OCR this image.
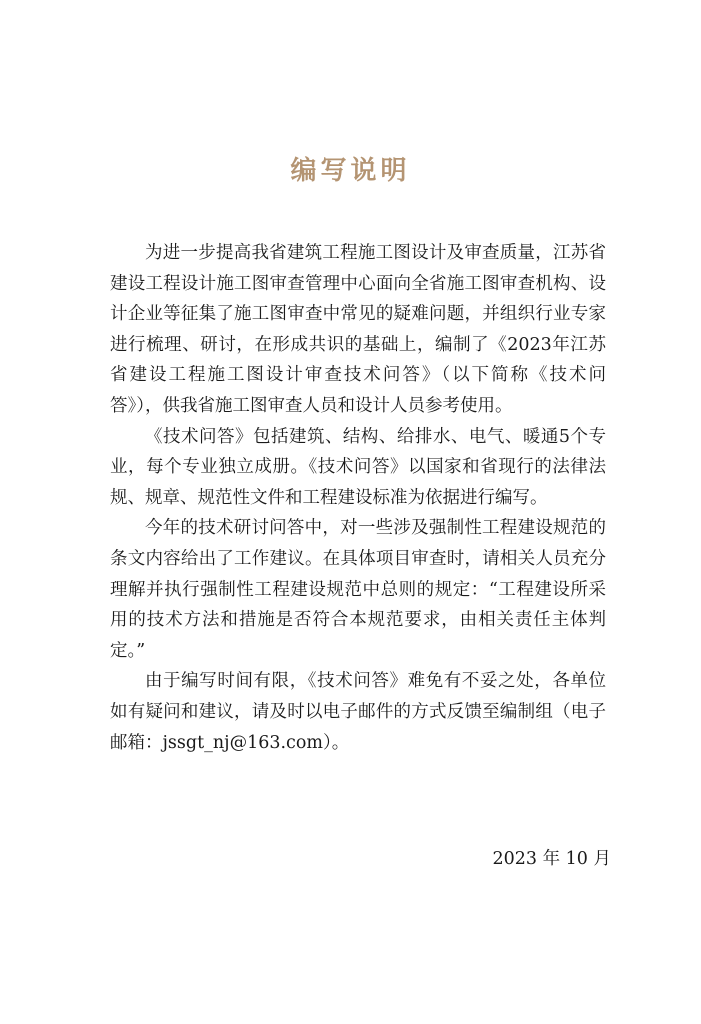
编写说明

为进一步提高我省建筑工程施工图设计及审查质量，江苏省建设工程设计施工图审查管理中心面向全省施工图审查机构、设计企业等征集了施工图审查中常见的疑难问题，并组织行业专家进行梳理、研讨，在形成共识的基础上，编制了《2023年江苏省建设工程施工图设计审查技术问答》（以下简称《技术问答》），供我省施工图审查人员和设计人员参考使用。

《技术问答》包括建筑、结构、给排水、电气、暖通5个专业，每个专业独立成册。《技术问答》以国家和省现行的法律法规、规章、规范性文件和工程建设标准为依据进行编写。

今年的技术研讨问答中，对一些涉及强制性工程建设规范的条文内容给出了工作建议。在具体项目审查时，请相关人员充分理解并执行强制性工程建设规范中总则的规定：“工程建设所采用的技术方法和措施是否符合本规范要求，由相关责任主体判定。”

由于编写时间有限，《技术问答》难免有不妥之处，各单位如有疑问和建议，请及时以电子邮件的方式反馈至编制组（电子邮箱：jssgt_nj@163.com）。

2023 年 10 月
